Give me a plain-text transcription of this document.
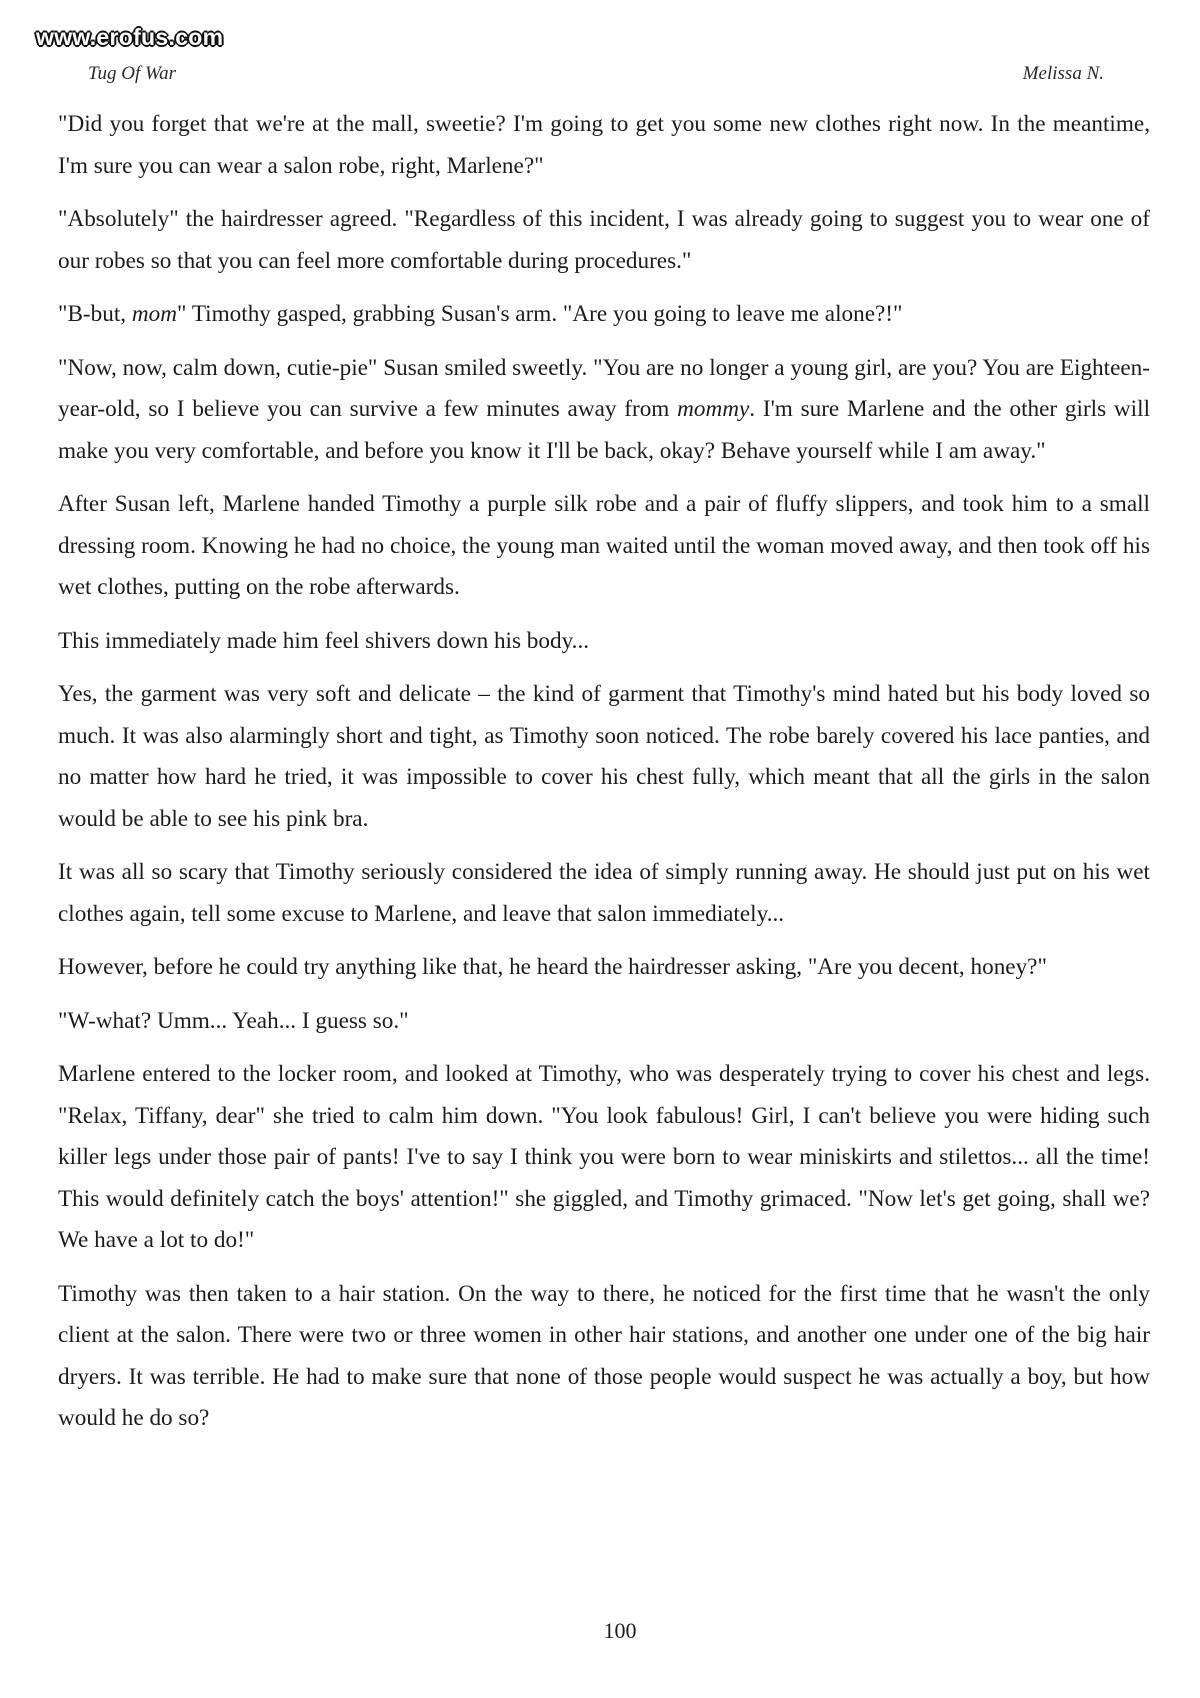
www.erofus.com
Tug Of War	Melissa N.

"Did you forget that we're at the mall, sweetie? I'm going to get you some new clothes right now. In the meantime, I'm sure you can wear a salon robe, right, Marlene?"

"Absolutely" the hairdresser agreed. "Regardless of this incident, I was already going to suggest you to wear one of our robes so that you can feel more comfortable during procedures."

"B-but, mom" Timothy gasped, grabbing Susan's arm. "Are you going to leave me alone?!"

"Now, now, calm down, cutie-pie" Susan smiled sweetly. "You are no longer a young girl, are you? You are Eighteen-year-old, so I believe you can survive a few minutes away from mommy. I'm sure Marlene and the other girls will make you very comfortable, and before you know it I'll be back, okay? Behave yourself while I am away."

After Susan left, Marlene handed Timothy a purple silk robe and a pair of fluffy slippers, and took him to a small dressing room. Knowing he had no choice, the young man waited until the woman moved away, and then took off his wet clothes, putting on the robe afterwards.

This immediately made him feel shivers down his body...

Yes, the garment was very soft and delicate – the kind of garment that Timothy's mind hated but his body loved so much. It was also alarmingly short and tight, as Timothy soon noticed. The robe barely covered his lace panties, and no matter how hard he tried, it was impossible to cover his chest fully, which meant that all the girls in the salon would be able to see his pink bra.

It was all so scary that Timothy seriously considered the idea of simply running away. He should just put on his wet clothes again, tell some excuse to Marlene, and leave that salon immediately...

However, before he could try anything like that, he heard the hairdresser asking, "Are you decent, honey?"

"W-what? Umm... Yeah... I guess so."

Marlene entered to the locker room, and looked at Timothy, who was desperately trying to cover his chest and legs. "Relax, Tiffany, dear" she tried to calm him down. "You look fabulous! Girl, I can't believe you were hiding such killer legs under those pair of pants! I've to say I think you were born to wear miniskirts and stilettos... all the time! This would definitely catch the boys' attention!" she giggled, and Timothy grimaced. "Now let's get going, shall we? We have a lot to do!"

Timothy was then taken to a hair station. On the way to there, he noticed for the first time that he wasn't the only client at the salon. There were two or three women in other hair stations, and another one under one of the big hair dryers. It was terrible. He had to make sure that none of those people would suspect he was actually a boy, but how would he do so?

100
